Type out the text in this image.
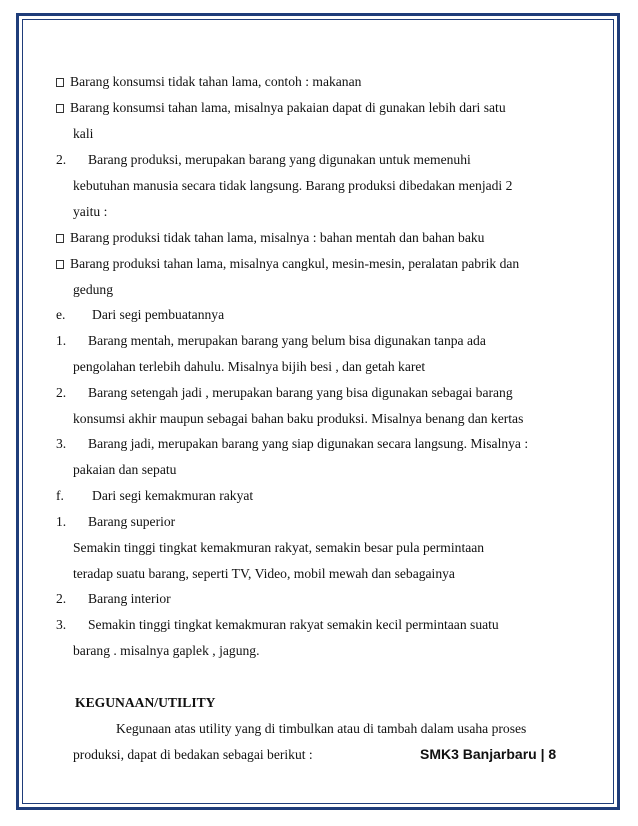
Barang konsumsi tidak tahan lama, contoh : makanan
Barang konsumsi tahan lama, misalnya pakaian dapat di gunakan lebih dari satu
kali
2. Barang produksi, merupakan barang yang digunakan untuk memenuhi
kebutuhan manusia secara tidak langsung. Barang produksi dibedakan menjadi 2
yaitu :
Barang produksi tidak tahan lama, misalnya : bahan mentah dan bahan baku
Barang produksi tahan lama, misalnya cangkul, mesin-mesin, peralatan pabrik dan
gedung
e. Dari segi pembuatannya
1. Barang mentah, merupakan barang yang belum bisa digunakan tanpa ada
pengolahan terlebih dahulu. Misalnya bijih besi , dan getah karet
2. Barang setengah jadi , merupakan barang yang bisa digunakan sebagai barang
konsumsi akhir maupun sebagai bahan baku produksi. Misalnya benang dan kertas
3. Barang jadi, merupakan barang yang siap digunakan secara langsung. Misalnya :
pakaian dan sepatu
f. Dari segi kemakmuran rakyat
1. Barang superior
Semakin tinggi tingkat kemakmuran rakyat, semakin besar pula permintaan
teradap suatu barang, seperti TV, Video, mobil mewah dan sebagainya
2. Barang interior
3. Semakin tinggi tingkat kemakmuran rakyat semakin kecil permintaan suatu
barang . misalnya gaplek , jagung.
KEGUNAAN/UTILITY
Kegunaan atas utility yang di timbulkan atau di tambah dalam usaha proses
produksi, dapat di bedakan sebagai berikut :	SMK3 Banjarbaru | 8
